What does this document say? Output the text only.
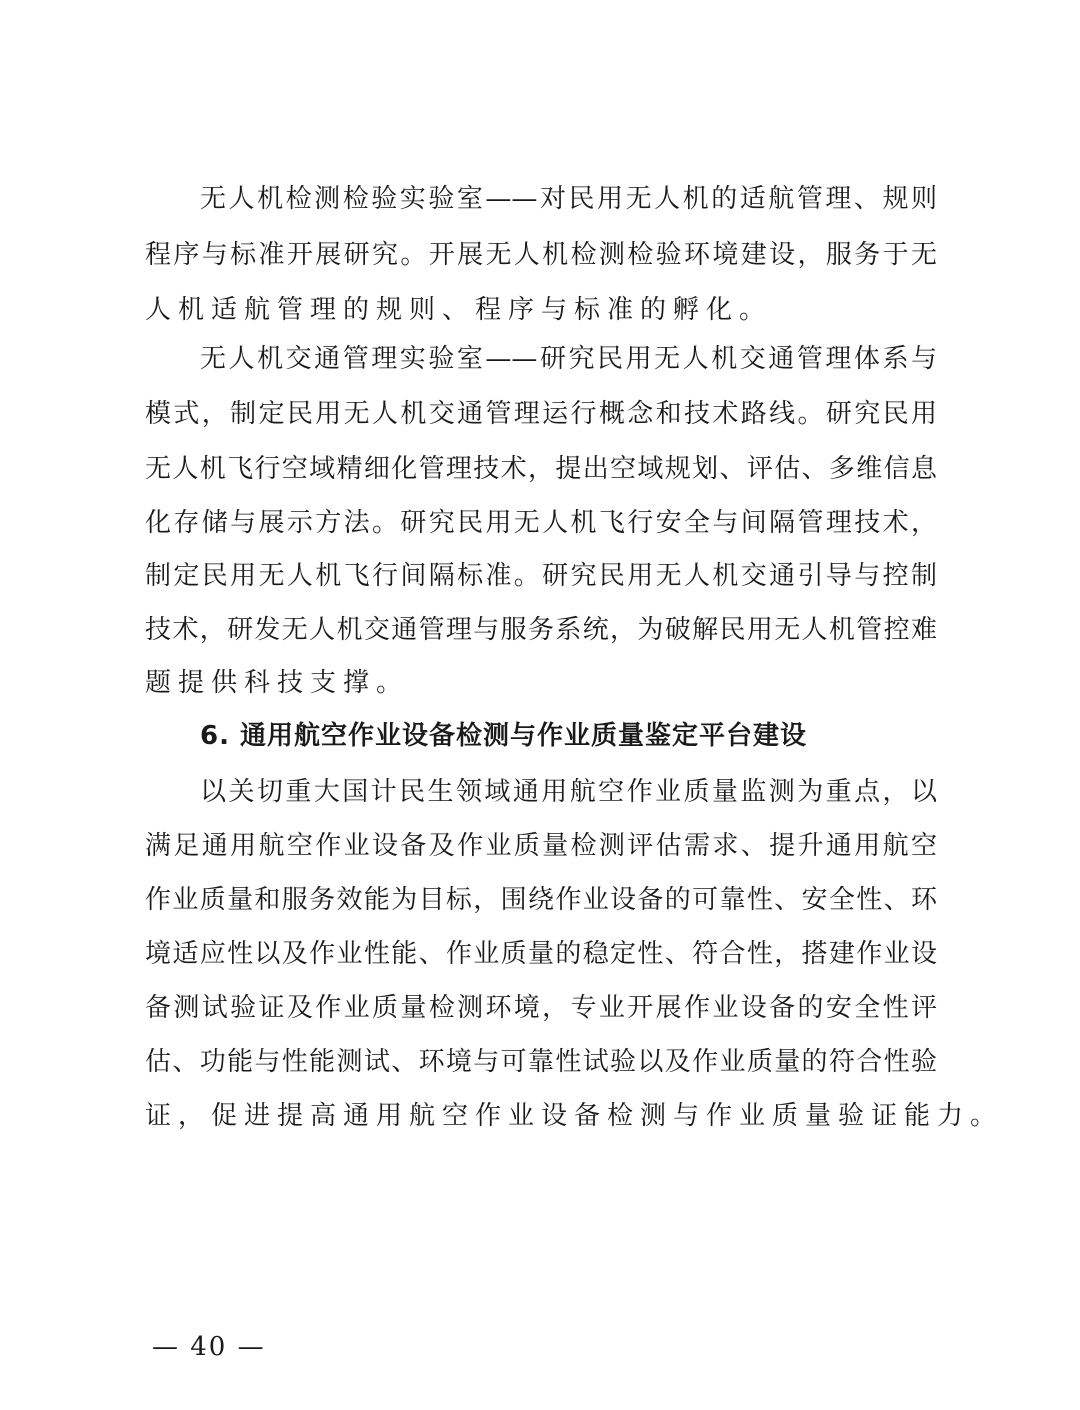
无人机检测检验实验室——对民用无人机的适航管理、规则
程序与标准开展研究。开展无人机检测检验环境建设，服务于无
人机适航管理的规则、程序与标准的孵化。
无人机交通管理实验室——研究民用无人机交通管理体系与
模式，制定民用无人机交通管理运行概念和技术路线。研究民用
无人机飞行空域精细化管理技术，提出空域规划、评估、多维信息
化存储与展示方法。研究民用无人机飞行安全与间隔管理技术，
制定民用无人机飞行间隔标准。研究民用无人机交通引导与控制
技术，研发无人机交通管理与服务系统，为破解民用无人机管控难
题提供科技支撑。
6. 通用航空作业设备检测与作业质量鉴定平台建设
以关切重大国计民生领域通用航空作业质量监测为重点，以
满足通用航空作业设备及作业质量检测评估需求、提升通用航空
作业质量和服务效能为目标，围绕作业设备的可靠性、安全性、环
境适应性以及作业性能、作业质量的稳定性、符合性，搭建作业设
备测试验证及作业质量检测环境，专业开展作业设备的安全性评
估、功能与性能测试、环境与可靠性试验以及作业质量的符合性验
证，促进提高通用航空作业设备检测与作业质量验证能力。
— 40 —
